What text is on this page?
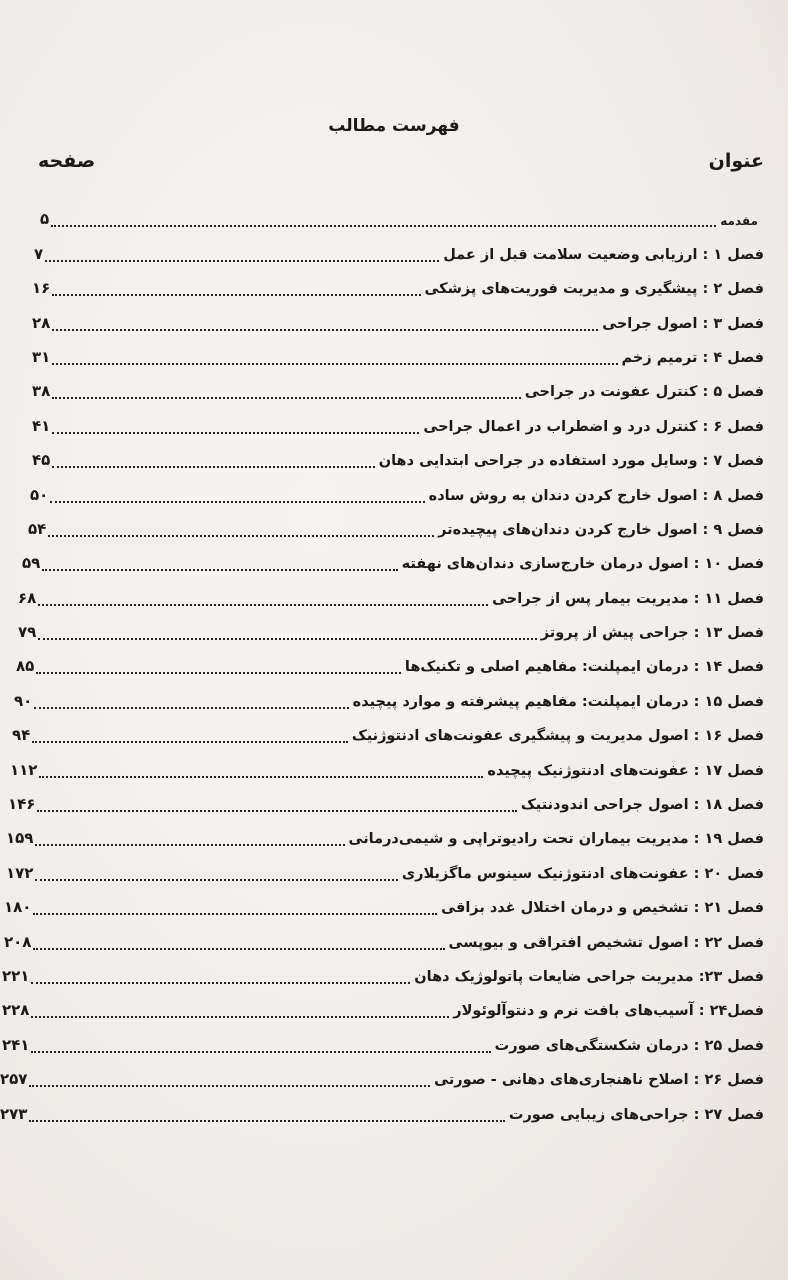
فهرست مطالب
عنوان
صفحه
۵	مقدمه
۷	فصل ۱ : ارزیابی وضعیت سلامت قبل از عمل
۱۶	فصل ۲ : پیشگیری و مدیریت فوریت‌های پزشکی
۲۸	فصل ۳ : اصول جراحی
۳۱	فصل ۴ : ترمیم زخم
۳۸	فصل ۵ : کنترل عفونت در جراحی
۴۱	فصل ۶ : کنترل درد و اضطراب در اعمال جراحی
۴۵	فصل ۷ : وسایل مورد استفاده در جراحی ابتدایی دهان
۵۰	فصل ۸ : اصول خارج کردن دندان به روش ساده
۵۴	فصل ۹ : اصول خارج کردن دندان‌های پیچیده‌تر
۵۹	فصل ۱۰ : اصول درمان خارج‌سازی دندان‌های نهفته
۶۸	فصل ۱۱ : مدیریت بیمار پس از جراحی
۷۹	فصل ۱۳ : جراحی پیش از پروتز
۸۵	فصل ۱۴ : درمان ایمپلنت: مفاهیم اصلی و تکنیک‌ها
۹۰	فصل ۱۵ : درمان ایمپلنت: مفاهیم پیشرفته و موارد پیچیده
۹۴	فصل ۱۶ : اصول مدیریت و پیشگیری عفونت‌های ادنتوژنیک
۱۱۲	فصل ۱۷ : عفونت‌های ادنتوژنیک پیچیده
۱۴۶	فصل ۱۸ : اصول جراحی اندودنتیک
۱۵۹	فصل ۱۹ : مدیریت بیماران تحت رادیوتراپی و شیمی‌درمانی
۱۷۲	فصل ۲۰ : عفونت‌های ادنتوژنیک سینوس ماگزیلاری
۱۸۰	فصل ۲۱ : تشخیص و درمان اختلال غدد بزاقی
۲۰۸	فصل ۲۲ : اصول تشخیص افتراقی و بیوپسی
۲۲۱	فصل ۲۳: مدیریت جراحی ضایعات پاتولوژیک دهان
۲۲۸	فصل۲۴ : آسیب‌های بافت نرم و دنتوآلوئولار
۲۴۱	فصل ۲۵ : درمان شکستگی‌های صورت
۲۵۷	فصل ۲۶ : اصلاح ناهنجاری‌های دهانی - صورتی
۲۷۳	فصل ۲۷ : جراحی‌های زیبایی صورت
